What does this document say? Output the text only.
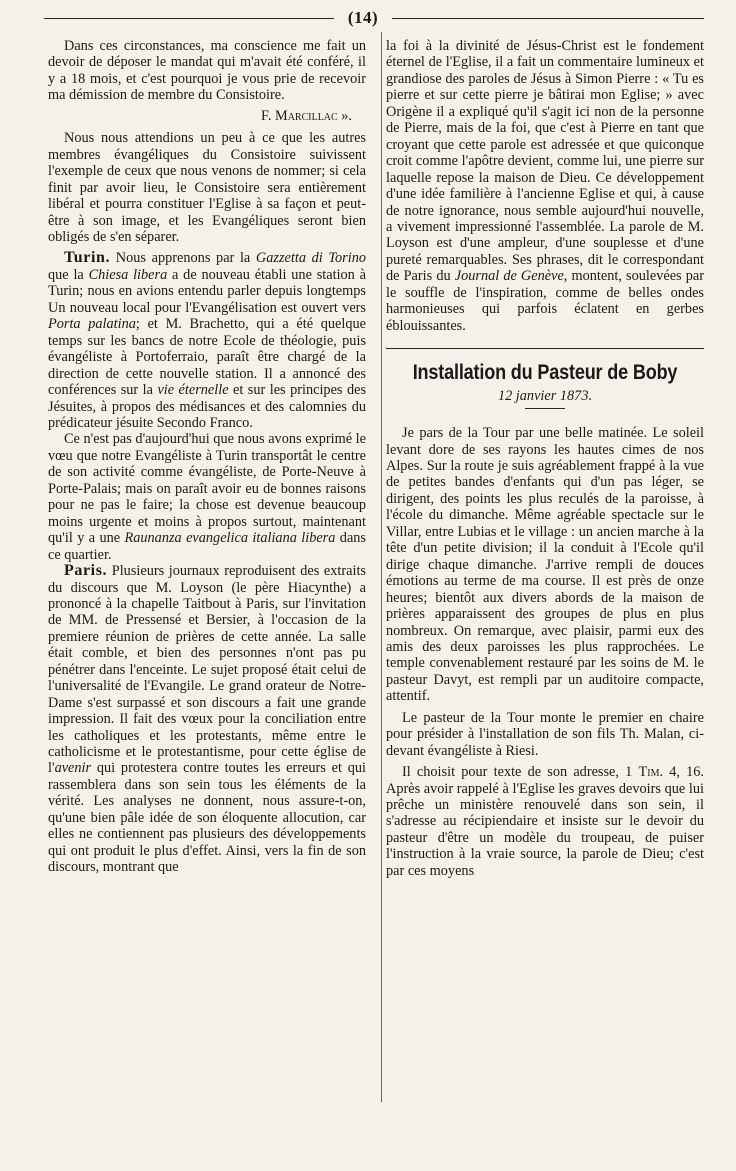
(14)

Dans ces circonstances, ma conscience me fait un devoir de déposer le mandat qui m'avait été conféré, il y a 18 mois, et c'est pourquoi je vous prie de recevoir ma démission de membre du Consistoire.

F. Marcillac ».

Nous nous attendions un peu à ce que les autres membres évangéliques du Consistoire suivissent l'exemple de ceux que nous venons de nommer; si cela finit par avoir lieu, le Consistoire sera entièrement libéral et pourra constituer l'Eglise à sa façon et peut-être à son image, et les Evangéliques seront bien obligés de s'en séparer.

Turin. Nous apprenons par la Gazzetta di Torino que la Chiesa libera a de nouveau établi une station à Turin; nous en avions entendu parler depuis longtemps Un nouveau local pour l'Evangélisation est ouvert vers Porta palatina; et M. Brachetto, qui a été quelque temps sur les bancs de notre Ecole de théologie, puis évangéliste à Portoferraio, paraît être chargé de la direction de cette nouvelle station. Il a annoncé des conférences sur la vie éternelle et sur les principes des Jésuites, à propos des médisances et des calomnies du prédicateur jésuite Secondo Franco.

Ce n'est pas d'aujourd'hui que nous avons exprimé le vœu que notre Evangéliste à Turin transportât le centre de son activité comme évangéliste, de Porte-Neuve à Porte-Palais; mais on paraît avoir eu de bonnes raisons pour ne pas le faire; la chose est devenue beaucoup moins urgente et moins à propos surtout, maintenant qu'il y a une Raunanza evangelica italiana libera dans ce quartier.

Paris. Plusieurs journaux reproduisent des extraits du discours que M. Loyson (le père Hiacynthe) a prononcé à la chapelle Taitbout à Paris, sur l'invitation de MM. de Pressensé et Bersier, à l'occasion de la premiere réunion de prières de cette année. La salle était comble, et bien des personnes n'ont pas pu pénétrer dans l'enceinte. Le sujet proposé était celui de l'universalité de l'Evangile. Le grand orateur de Notre-Dame s'est surpassé et son discours a fait une grande impression. Il fait des vœux pour la conciliation entre les catholiques et les protestants, même entre le catholicisme et le protestantisme, pour cette église de l'avenir qui protestera contre toutes les erreurs et qui rassemblera dans son sein tous les éléments de la vérité. Les analyses ne donnent, nous assure-t-on, qu'une bien pâle idée de son éloquente allocution, car elles ne contiennent pas plusieurs des développements qui ont produit le plus d'effet. Ainsi, vers la fin de son discours, montrant que

la foi à la divinité de Jésus-Christ est le fondement éternel de l'Eglise, il a fait un commentaire lumineux et grandiose des paroles de Jésus à Simon Pierre : « Tu es pierre et sur cette pierre je bâtirai mon Eglise; » avec Origène il a expliqué qu'il s'agit ici non de la personne de Pierre, mais de la foi, que c'est à Pierre en tant que croyant que cette parole est adressée et que quiconque croit comme l'apôtre devient, comme lui, une pierre sur laquelle repose la maison de Dieu. Ce développement d'une idée familière à l'ancienne Eglise et qui, à cause de notre ignorance, nous semble aujourd'hui nouvelle, a vivement impressionné l'assemblée. La parole de M. Loyson est d'une ampleur, d'une souplesse et d'une pureté remarquables. Ses phrases, dit le correspondant de Paris du Journal de Genève, montent, soulevées par le souffle de l'inspiration, comme de belles ondes harmonieuses qui parfois éclatent en gerbes éblouissantes.

Installation du Pasteur de Boby
12 janvier 1873.

Je pars de la Tour par une belle matinée. Le soleil levant dore de ses rayons les hautes cimes de nos Alpes. Sur la route je suis agréablement frappé à la vue de petites bandes d'enfants qui d'un pas léger, se dirigent, des points les plus reculés de la paroisse, à l'école du dimanche. Même agréable spectacle sur le Villar, entre Lubias et le village : un ancien marche à la tête d'un petite division; il la conduit à l'Ecole qu'il dirige chaque dimanche. J'arrive rempli de douces émotions au terme de ma course. Il est près de onze heures; bientôt aux divers abords de la maison de prières apparaissent des groupes de plus en plus nombreux. On remarque, avec plaisir, parmi eux des amis des deux paroisses les plus rapprochées. Le temple convenablement restauré par les soins de M. le pasteur Davyt, est rempli par un auditoire compacte, attentif.

Le pasteur de la Tour monte le premier en chaire pour présider à l'installation de son fils Th. Malan, ci-devant évangéliste à Riesi.

Il choisit pour texte de son adresse, 1 Tim. 4, 16. Après avoir rappelé à l'Eglise les graves devoirs que lui prêche un ministère renouvelé dans son sein, il s'adresse au récipiendaire et insiste sur le devoir du pasteur d'être un modèle du troupeau, de puiser l'instruction à la vraie source, la parole de Dieu; c'est par ces moyens
